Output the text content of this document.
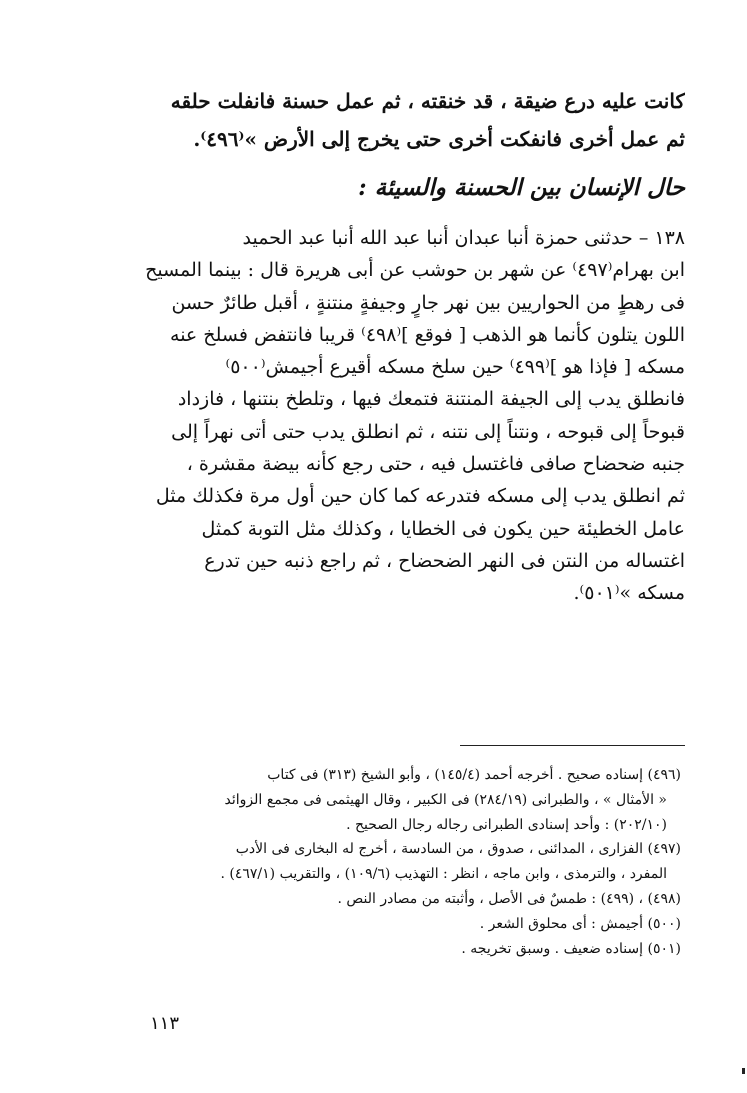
كانت عليه درع ضيقة ، قد خنقته ، ثم عمل حسنة فانفلت حلقه
ثم عمل أخرى فانفكت أخرى حتى يخرج إلى الأرض »⁽٤٩٦⁾.
حال الإنسان بين الحسنة والسيئة :
١٣٨ – حدثنى حمزة أنبا عبدان أنبا عبد الله أنبا عبد الحميد
ابن بهرام⁽٤٩٧⁾ عن شهر بن حوشب عن أبى هريرة قال : بينما المسيح
فى رهطٍ من الحواريين بين نهر جارٍ وجيفةٍ منتنةٍ ، أقبل طائرٌ حسن
اللون يتلون كأنما هو الذهب [ فوقع ]⁽٤٩٨⁾ قريبا فانتفض فسلخ عنه
مسكه [ فإذا هو ]⁽٤٩٩⁾ حين سلخ مسكه أقيرع أجيمش⁽٥٠٠⁾
فانطلق يدب إلى الجيفة المنتنة فتمعك فيها ، وتلطخ بنتنها ، فازداد
قبوحاً إلى قبوحه ، ونتناً إلى نتنه ، ثم انطلق يدب حتى أتى نهراً إلى
جنبه ضحضاح صافى فاغتسل فيه ، حتى رجع كأنه بيضة مقشرة ،
ثم انطلق يدب إلى مسكه فتدرعه كما كان حين أول مرة فكذلك مثل
عامل الخطيئة حين يكون فى الخطايا ، وكذلك مثل التوبة كمثل
اغتساله من النتن فى النهر الضحضاح ، ثم راجع ذنبه حين تدرع
مسكه »⁽٥٠١⁾.
(٤٩٦) إسناده صحيح . أخرجه أحمد (١٤٥/٤) ، وأبو الشيخ (٣١٣) فى كتاب
« الأمثال » ، والطبرانى (٢٨٤/١٩) فى الكبير ، وقال الهيثمى فى مجمع الزوائد
(٢٠٢/١٠) : وأحد إسنادى الطبرانى رجاله رجال الصحيح .
(٤٩٧) الفزارى ، المدائنى ، صدوق ، من السادسة ، أخرج له البخارى فى الأدب
المفرد ، والترمذى ، وابن ماجه ، انظر : التهذيب (١٠٩/٦) ، والتقريب (٤٦٧/١) .
(٤٩٨) ، (٤٩٩) : طمسٌ فى الأصل ، وأثبته من مصادر النص .
(٥٠٠) أجيمش : أى محلوق الشعر .
(٥٠١) إسناده ضعيف . وسبق تخريجه .
١١٣
